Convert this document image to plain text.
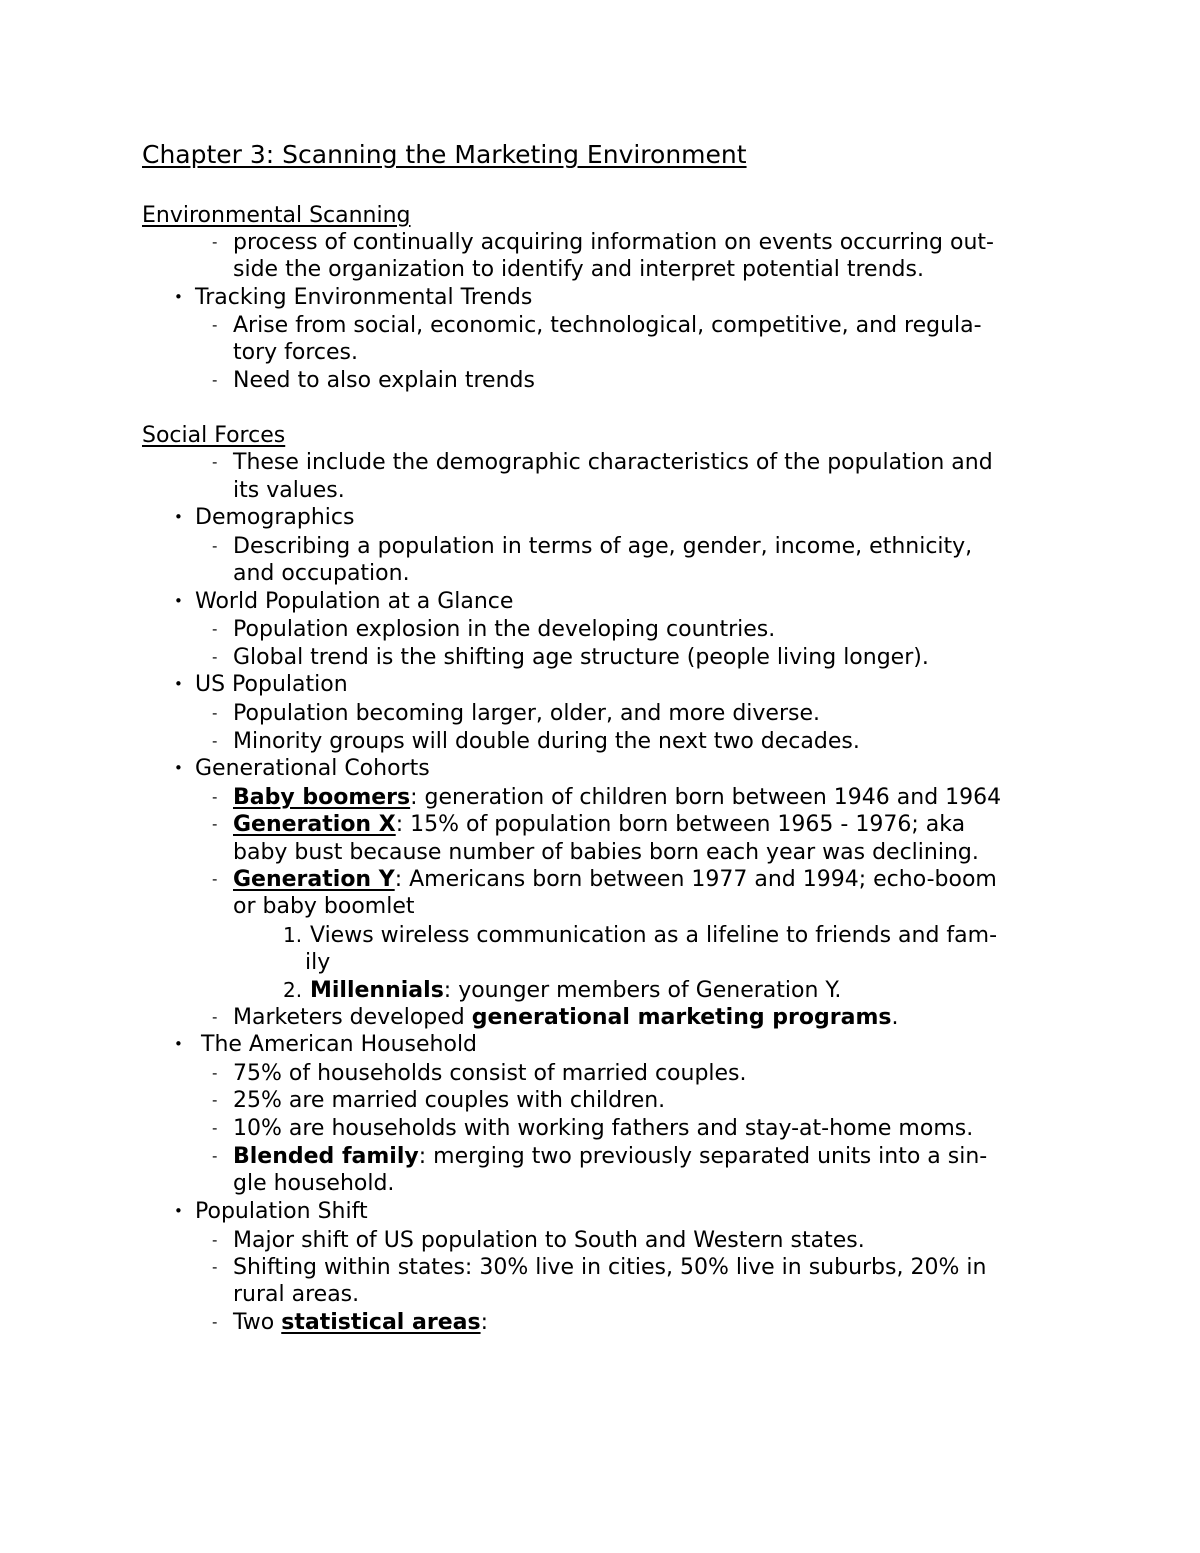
Chapter 3: Scanning the Marketing Environment
Environmental Scanning
- process of continually acquiring information on events occurring out-
side the organization to identify and interpret potential trends.
• Tracking Environmental Trends
- Arise from social, economic, technological, competitive, and regula-
tory forces.
- Need to also explain trends
Social Forces
- These include the demographic characteristics of the population and
its values.
• Demographics
- Describing a population in terms of age, gender, income, ethnicity,
and occupation.
• World Population at a Glance
- Population explosion in the developing countries.
- Global trend is the shifting age structure (people living longer).
• US Population
- Population becoming larger, older, and more diverse.
- Minority groups will double during the next two decades.
• Generational Cohorts
- Baby boomers: generation of children born between 1946 and 1964
- Generation X: 15% of population born between 1965 - 1976; aka
baby bust because number of babies born each year was declining.
- Generation Y: Americans born between 1977 and 1994; echo-boom
or baby boomlet
1. Views wireless communication as a lifeline to friends and fam-
ily
2. Millennials: younger members of Generation Y.
- Marketers developed generational marketing programs.
• The American Household
- 75% of households consist of married couples.
- 25% are married couples with children.
- 10% are households with working fathers and stay-at-home moms.
- Blended family: merging two previously separated units into a sin-
gle household.
• Population Shift
- Major shift of US population to South and Western states.
- Shifting within states: 30% live in cities, 50% live in suburbs, 20% in
rural areas.
- Two statistical areas:
